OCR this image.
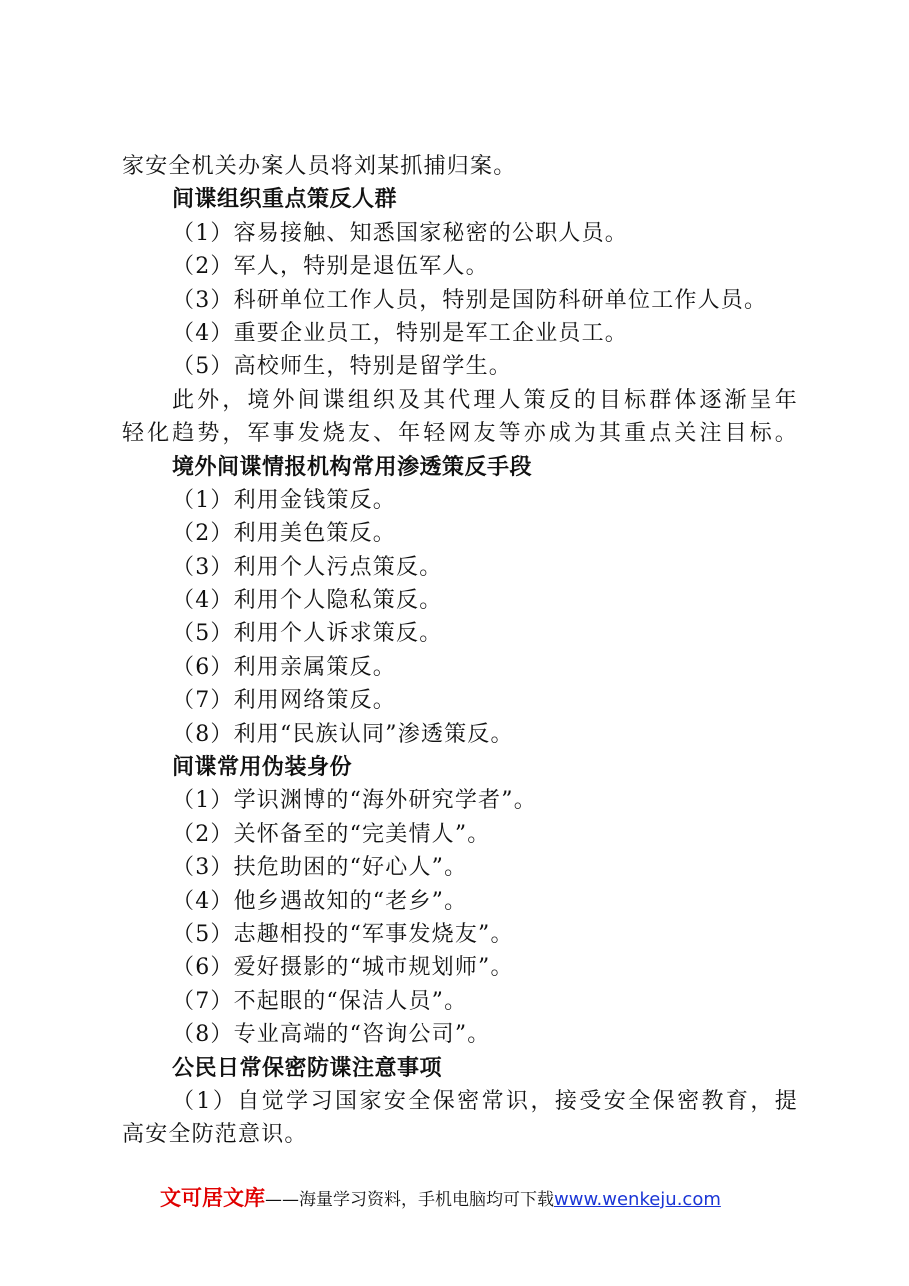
家安全机关办案人员将刘某抓捕归案。
间谍组织重点策反人群
（1）容易接触、知悉国家秘密的公职人员。
（2）军人，特别是退伍军人。
（3）科研单位工作人员，特别是国防科研单位工作人员。
（4）重要企业员工，特别是军工企业员工。
（5）高校师生，特别是留学生。
此外，境外间谍组织及其代理人策反的目标群体逐渐呈年
轻化趋势，军事发烧友、年轻网友等亦成为其重点关注目标。
境外间谍情报机构常用渗透策反手段
（1）利用金钱策反。
（2）利用美色策反。
（3）利用个人污点策反。
（4）利用个人隐私策反。
（5）利用个人诉求策反。
（6）利用亲属策反。
（7）利用网络策反。
（8）利用“民族认同”渗透策反。
间谍常用伪装身份
（1）学识渊博的“海外研究学者”。
（2）关怀备至的“完美情人”。
（3）扶危助困的“好心人”。
（4）他乡遇故知的“老乡”。
（5）志趣相投的“军事发烧友”。
（6）爱好摄影的“城市规划师”。
（7）不起眼的“保洁人员”。
（8）专业高端的“咨询公司”。
公民日常保密防谍注意事项
（1）自觉学习国家安全保密常识，接受安全保密教育，提
高安全防范意识。
文可居文库——海量学习资料，手机电脑均可下载www.wenkeju.com
